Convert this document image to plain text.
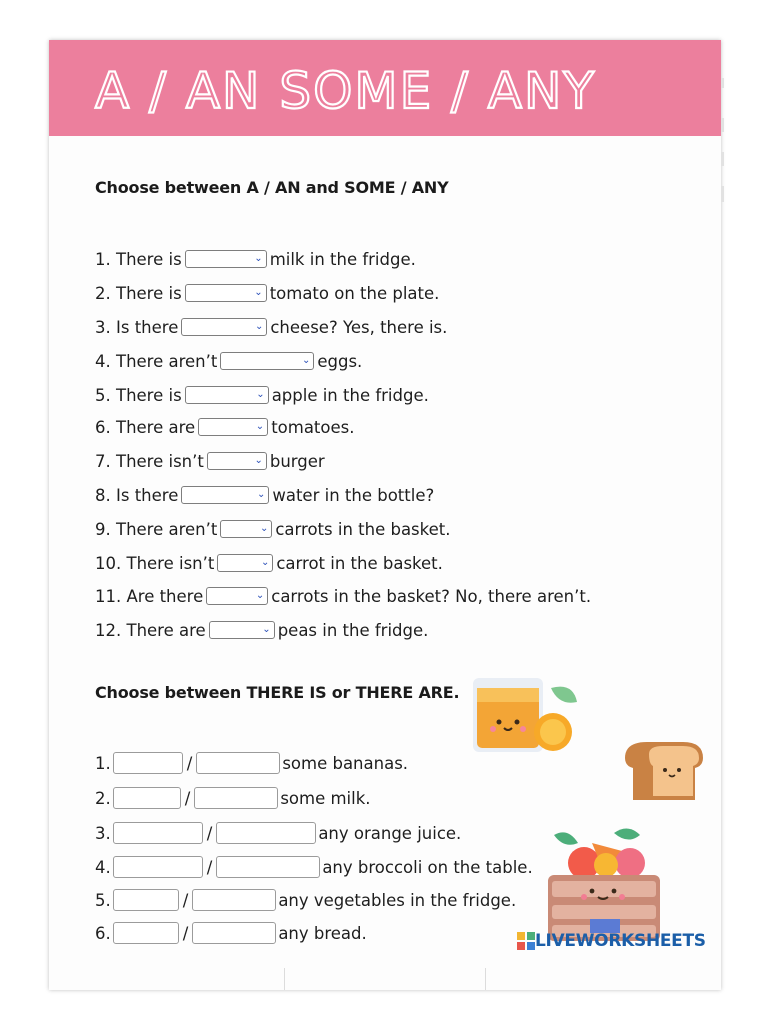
A / AN SOME / ANY
Choose between A / AN and SOME / ANY
1. There is	⌄ milk in the fridge.
2. There is	⌄ tomato on the plate.
3. Is there	⌄ cheese? Yes, there is.
4. There aren’t	⌄ eggs.
5. There is	⌄ apple in the fridge.
6. There are	⌄ tomatoes.
7. There isn’t	⌄ burger
8. Is there	⌄ water in the bottle?
9. There aren’t	⌄ carrots in the basket.
10. There isn’t	⌄ carrot in the basket.
11. Are there	⌄ carrots in the basket? No, there aren’t.
12. There are	⌄ peas in the fridge.
Choose between THERE IS or THERE ARE.
1.	/	some bananas.
2.	/	some milk.
3.	/	any orange juice.
4.	/	any broccoli on the table.
5.	/	any vegetables in the fridge.
6.	/	any bread.	LIVEWORKSHEETS
